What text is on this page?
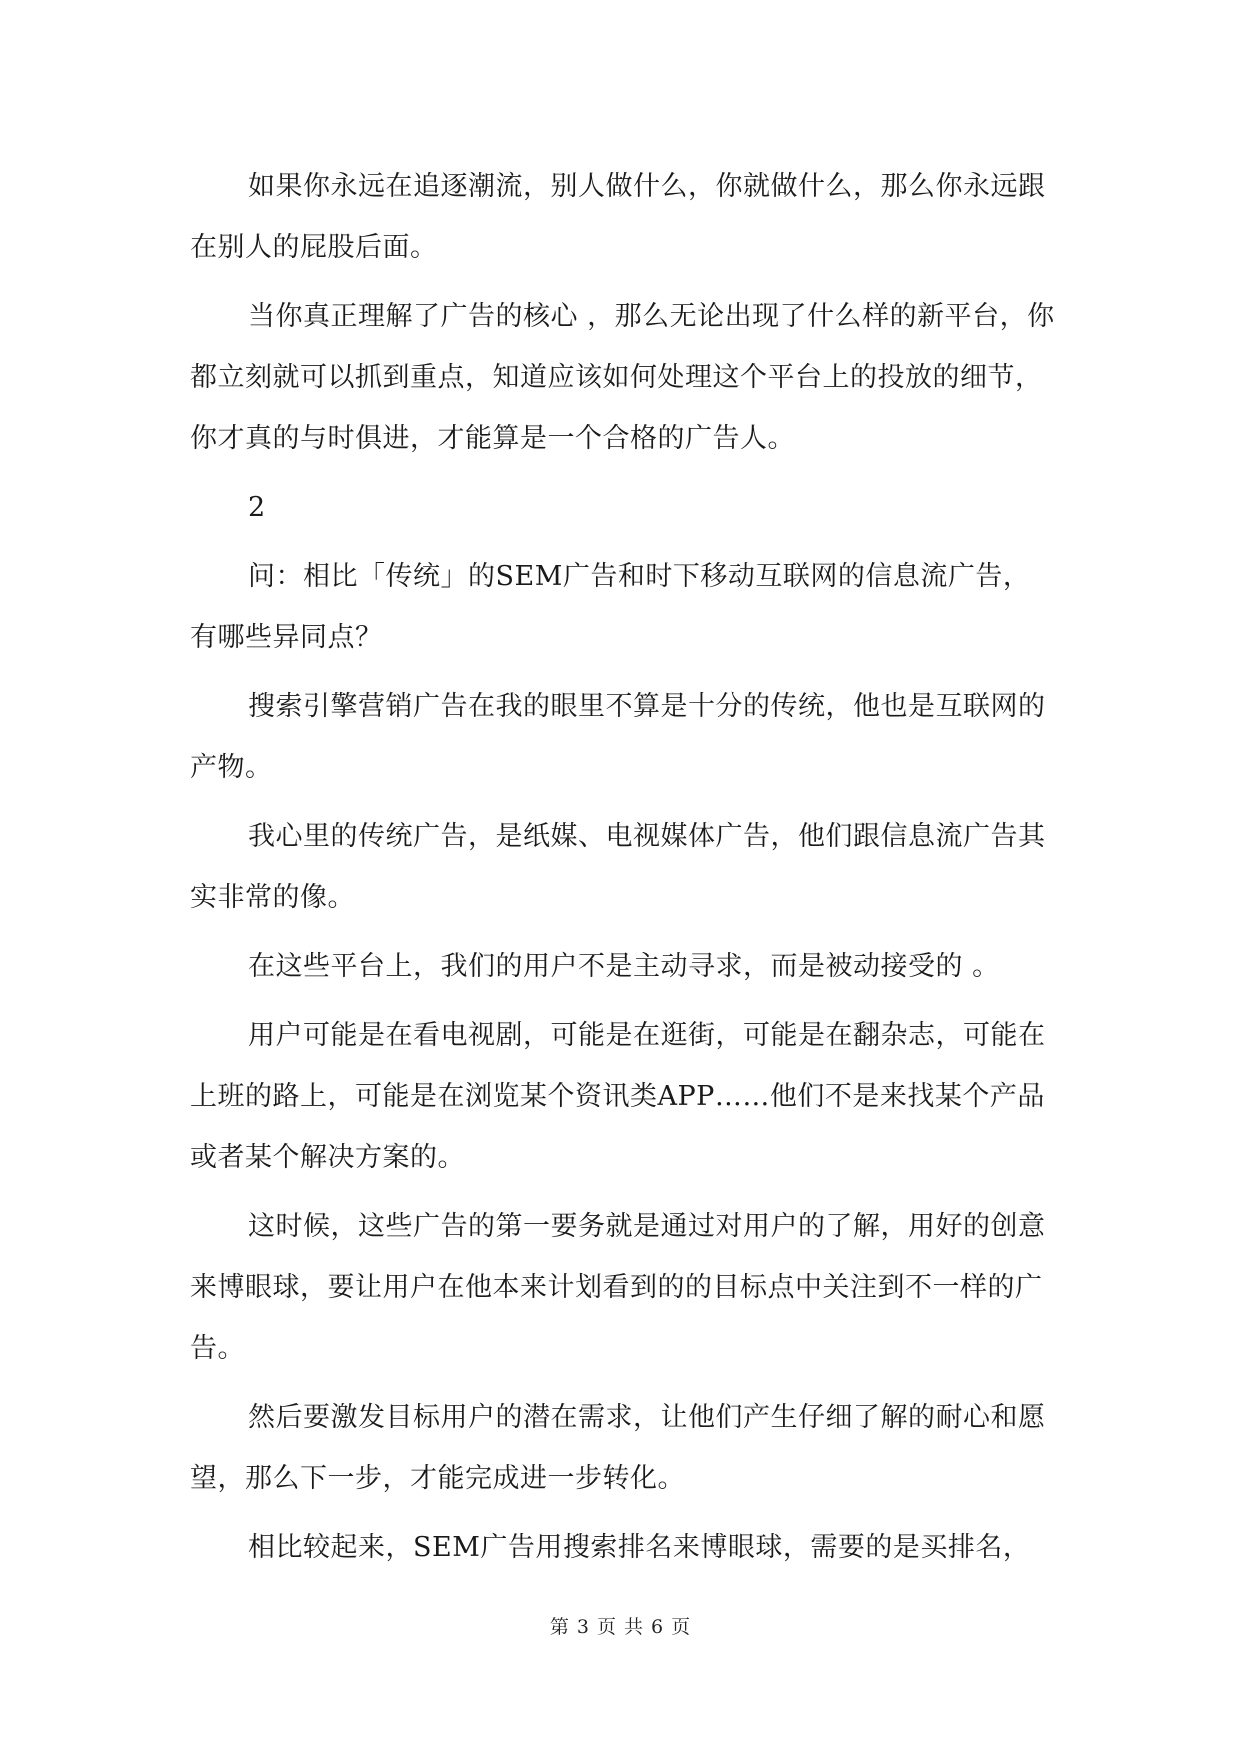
如果你永远在追逐潮流，别人做什么，你就做什么，那么你永远跟在别人的屁股后面。

当你真正理解了广告的核心 ，那么无论出现了什么样的新平台，你都立刻就可以抓到重点，知道应该如何处理这个平台上的投放的细节，你才真的与时俱进，才能算是一个合格的广告人。

2

问：相比「传统」的SEM广告和时下移动互联网的信息流广告，有哪些异同点？

搜索引擎营销广告在我的眼里不算是十分的传统，他也是互联网的产物。

我心里的传统广告，是纸媒、电视媒体广告，他们跟信息流广告其实非常的像。

在这些平台上，我们的用户不是主动寻求，而是被动接受的 。

用户可能是在看电视剧，可能是在逛街，可能是在翻杂志，可能在上班的路上，可能是在浏览某个资讯类APP……他们不是来找某个产品或者某个解决方案的。

这时候，这些广告的第一要务就是通过对用户的了解，用好的创意 来博眼球，要让用户在他本来计划看到的的目标点中关注到不一样的广告。

然后要激发目标用户的潜在需求，让他们产生仔细了解的耐心和愿望，那么下一步，才能完成进一步转化。

相比较起来，SEM广告用搜索排名来博眼球，需要的是买排名，

第 3 页 共 6 页
